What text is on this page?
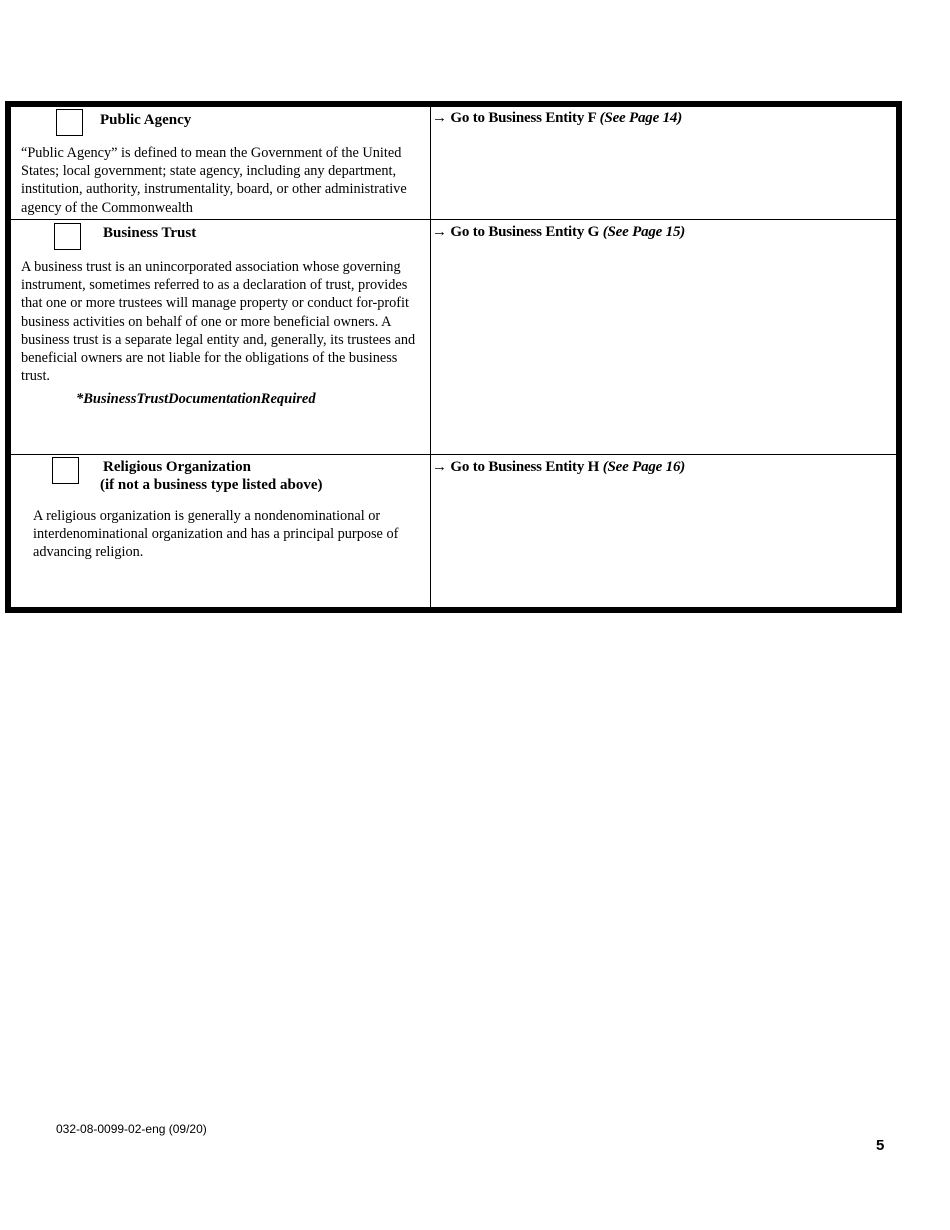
Public Agency
“Public Agency” is defined to mean the Government of the United States; local government; state agency, including any department, institution, authority, instrumentality, board, or other administrative agency of the Commonwealth
→ Go to Business Entity F (See Page 14)
Business Trust
A business trust is an unincorporated association whose governing instrument, sometimes referred to as a declaration of trust, provides that one or more trustees will manage property or conduct for-profit business activities on behalf of one or more beneficial owners. A business trust is a separate legal entity and, generally, its trustees and beneficial owners are not liable for the obligations of the business trust.
*BusinessTrustDocumentationRequired
→ Go to Business Entity G (See Page 15)
Religious Organization
(if not a business type listed above)
A religious organization is generally a nondenominational or interdenominational organization and has a principal purpose of advancing religion.
→ Go to Business Entity H (See Page 16)
032-08-0099-02-eng (09/20)
5
